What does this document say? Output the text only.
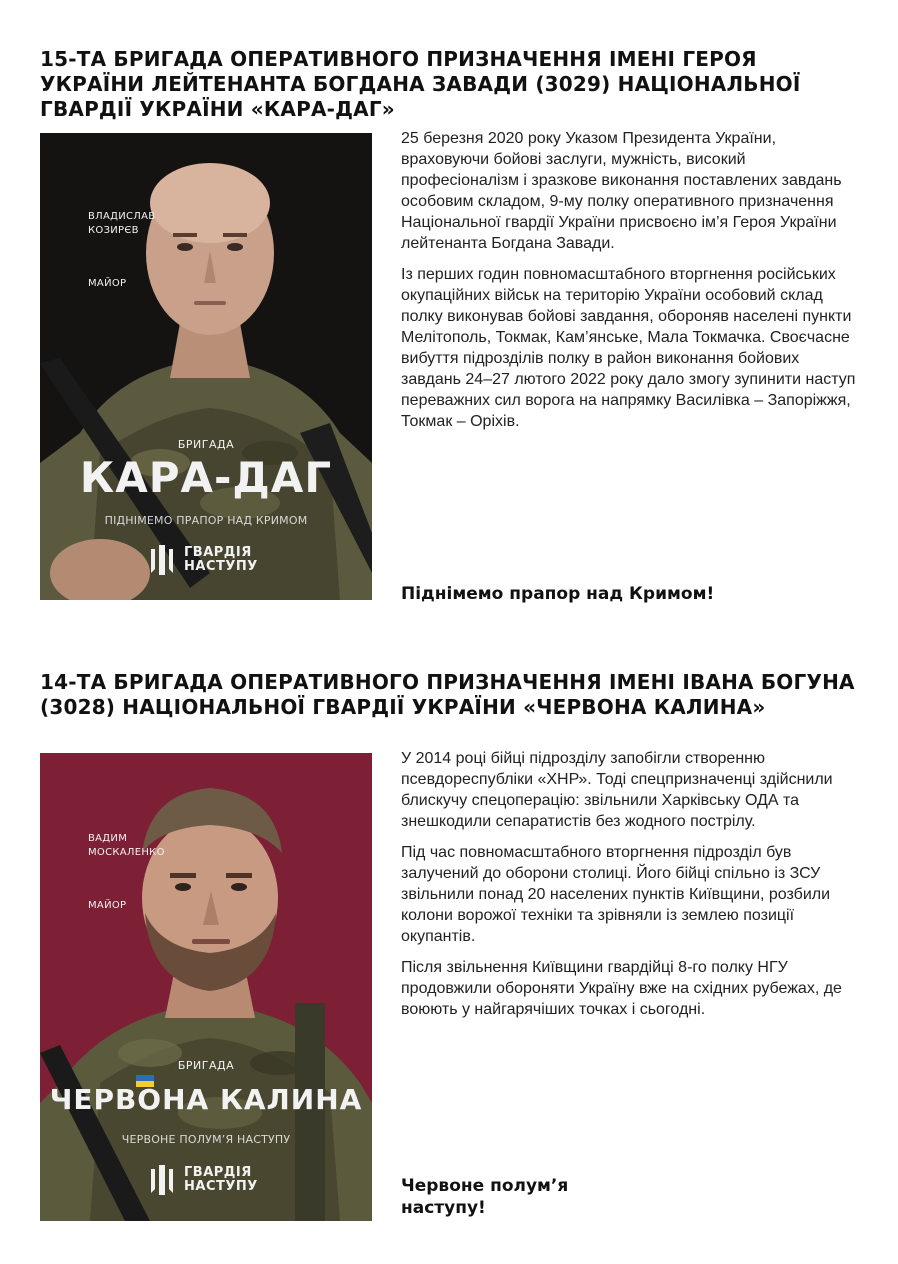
15-ТА БРИГАДА ОПЕРАТИВНОГО ПРИЗНАЧЕННЯ ІМЕНІ ГЕРОЯ УКРАЇНИ ЛЕЙТЕНАНТА БОГДАНА ЗАВАДИ (3029) НАЦІОНАЛЬНОЇ ГВАРДІЇ УКРАЇНИ «КАРА-ДАГ»
ВЛАДИСЛАВ КОЗИРЄВ
МАЙОР
БРИГАДА
КАРА-ДАГ
ПІДНІМЕМО ПРАПОР НАД КРИМОМ
ГВАРДІЯ
НАСТУПУ

25 березня 2020 року Указом Президента України, враховуючи бойові заслуги, мужність, високий професіоналізм і зразкове виконання поставлених завдань особовим складом, 9-му полку оперативного призначення Національної гвардії України присвоєно ім’я Героя України лейтенанта Богдана Завади.

Із перших годин повномасштабного вторгнення російських окупаційних військ на територію України особовий склад полку виконував бойові завдання, обороняв населені пункти Мелітополь, Токмак, Кам’янське, Мала Токмачка. Своєчасне вибуття підрозділів полку в район виконання бойових завдань 24–27 лютого 2022 року дало змогу зупинити наступ переважних сил ворога на напрямку Василівка – Запоріжжя, Токмак – Оріхів.

Піднімемо прапор над Кримом!

14-ТА БРИГАДА ОПЕРАТИВНОГО ПРИЗНАЧЕННЯ ІМЕНІ ІВАНА БОГУНА (3028) НАЦІОНАЛЬНОЇ ГВАРДІЇ УКРАЇНИ «ЧЕРВОНА КАЛИНА»
ВАДИМ МОСКАЛЕНКО
МАЙОР
БРИГАДА
ЧЕРВОНА КАЛИНА
ЧЕРВОНЕ ПОЛУМ’Я НАСТУПУ
ГВАРДІЯ
НАСТУПУ

У 2014 році бійці підрозділу запобігли створенню псевдореспубліки «ХНР». Тоді спецпризначенці здійснили блискучу спецоперацію: звільнили Харківську ОДА та знешкодили сепаратистів без жодного пострілу.

Під час повномасштабного вторгнення підрозділ був залучений до оборони столиці. Його бійці спільно із ЗСУ звільнили понад 20 населених пунктів Київщини, розбили колони ворожої техніки та зрівняли із землею позиції окупантів.

Після звільнення Київщини гвардійці 8-го полку НГУ продовжили обороняти Україну вже на східних рубежах, де воюють у найгарячіших точках і сьогодні.

Червоне полум’я наступу!
